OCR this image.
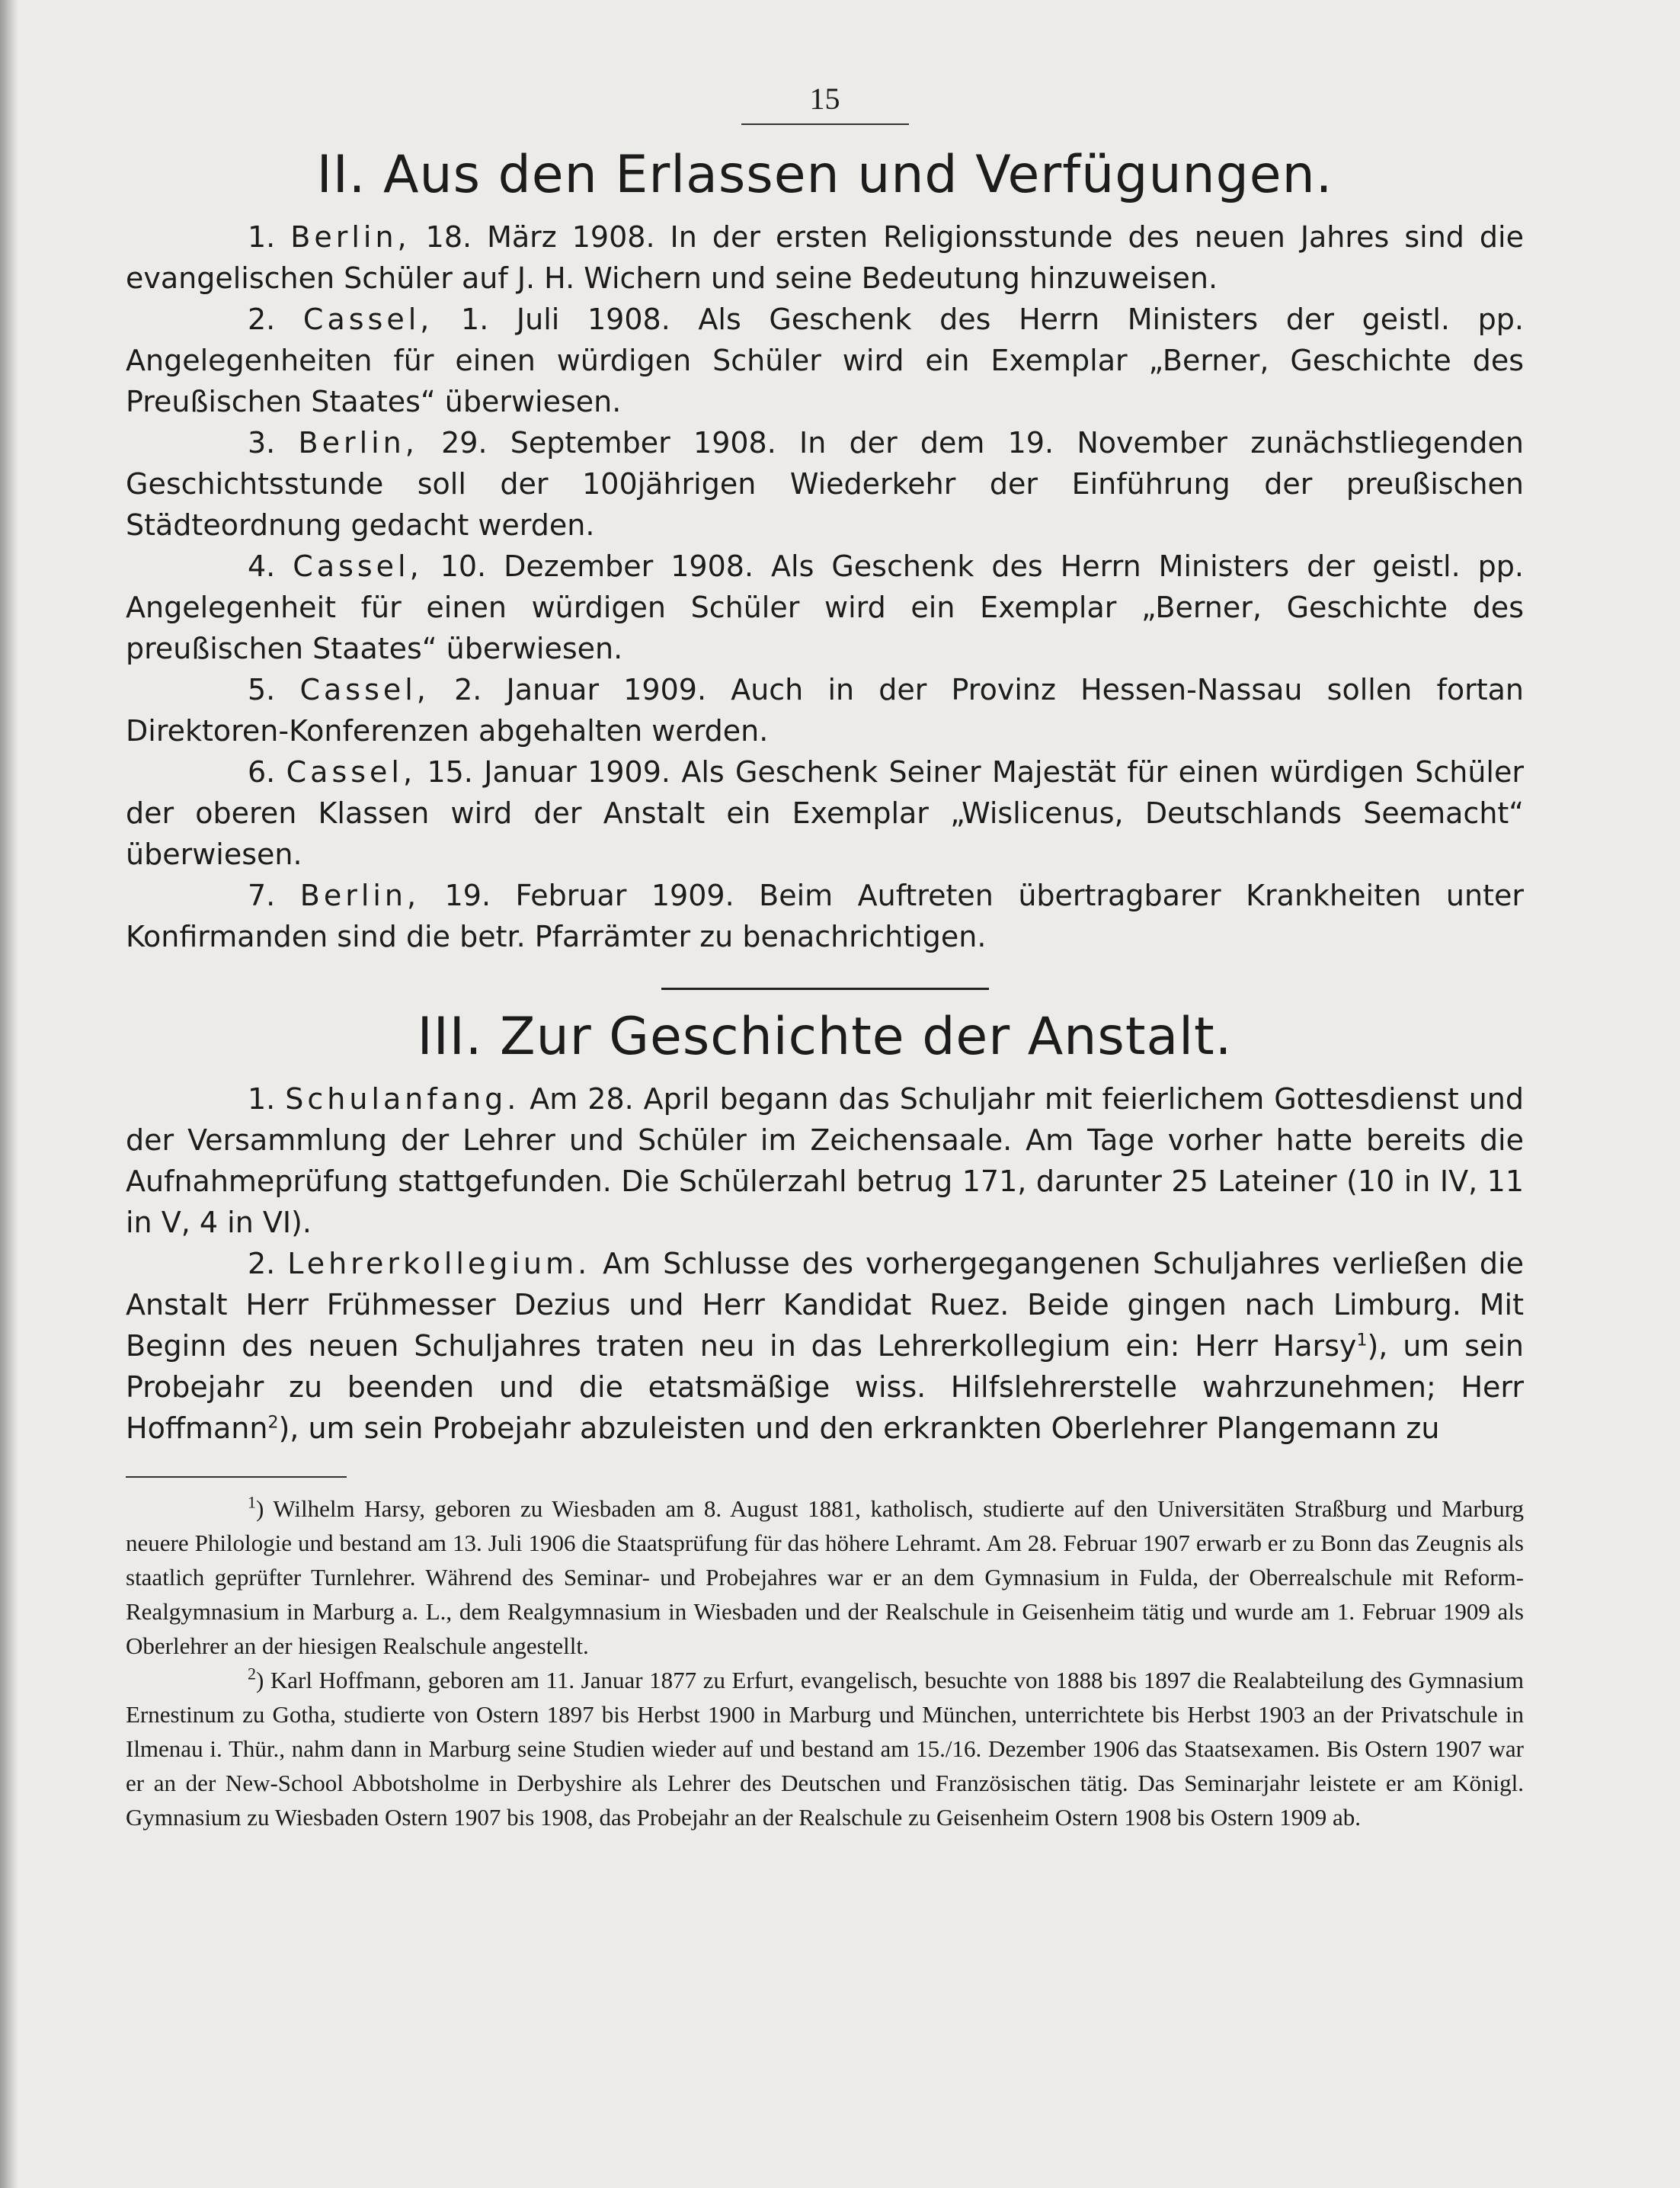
15
II. Aus den Erlassen und Verfügungen.

1. Berlin, 18. März 1908. In der ersten Religionsstunde des neuen Jahres sind die evangelischen Schüler auf J. H. Wichern und seine Bedeutung hinzuweisen.

2. Cassel, 1. Juli 1908. Als Geschenk des Herrn Ministers der geistl. pp. Angelegenheiten für einen würdigen Schüler wird ein Exemplar „Berner, Geschichte des Preußischen Staates“ überwiesen.

3. Berlin, 29. September 1908. In der dem 19. November zunächstliegenden Geschichtsstunde soll der 100jährigen Wiederkehr der Einführung der preußischen Städteordnung gedacht werden.

4. Cassel, 10. Dezember 1908. Als Geschenk des Herrn Ministers der geistl. pp. Angelegenheit für einen würdigen Schüler wird ein Exemplar „Berner, Geschichte des preußischen Staates“ überwiesen.

5. Cassel, 2. Januar 1909. Auch in der Provinz Hessen-Nassau sollen fortan Direktoren-Konferenzen abgehalten werden.

6. Cassel, 15. Januar 1909. Als Geschenk Seiner Majestät für einen würdigen Schüler der oberen Klassen wird der Anstalt ein Exemplar „Wislicenus, Deutschlands Seemacht“ überwiesen.

7. Berlin, 19. Februar 1909. Beim Auftreten übertragbarer Krankheiten unter Konfirmanden sind die betr. Pfarrämter zu benachrichtigen.

III. Zur Geschichte der Anstalt.

1. Schulanfang. Am 28. April begann das Schuljahr mit feierlichem Gottesdienst und der Versammlung der Lehrer und Schüler im Zeichensaale. Am Tage vorher hatte bereits die Aufnahmeprüfung stattgefunden. Die Schülerzahl betrug 171, darunter 25 Lateiner (10 in IV, 11 in V, 4 in VI).

2. Lehrerkollegium. Am Schlusse des vorhergegangenen Schuljahres verließen die Anstalt Herr Frühmesser Dezius und Herr Kandidat Ruez. Beide gingen nach Limburg. Mit Beginn des neuen Schuljahres traten neu in das Lehrerkollegium ein: Herr Harsy$^1$), um sein Probejahr zu beenden und die etatsmäßige wiss. Hilfslehrerstelle wahrzunehmen; Herr Hoffmann$^2$), um sein Probejahr abzuleisten und den erkrankten Oberlehrer Plangemann zu

$^1$) Wilhelm Harsy, geboren zu Wiesbaden am 8. August 1881, katholisch, studierte auf den Universitäten Straßburg und Marburg neuere Philologie und bestand am 13. Juli 1906 die Staatsprüfung für das höhere Lehramt. Am 28. Februar 1907 erwarb er zu Bonn das Zeugnis als staatlich geprüfter Turnlehrer. Während des Seminar- und Probejahres war er an dem Gymnasium in Fulda, der Oberrealschule mit Reform-Realgymnasium in Marburg a. L., dem Realgymnasium in Wiesbaden und der Realschule in Geisenheim tätig und wurde am 1. Februar 1909 als Oberlehrer an der hiesigen Realschule angestellt.

$^2$) Karl Hoffmann, geboren am 11. Januar 1877 zu Erfurt, evangelisch, besuchte von 1888 bis 1897 die Realabteilung des Gymnasium Ernestinum zu Gotha, studierte von Ostern 1897 bis Herbst 1900 in Marburg und München, unterrichtete bis Herbst 1903 an der Privatschule in Ilmenau i. Thür., nahm dann in Marburg seine Studien wieder auf und bestand am 15./16. Dezember 1906 das Staatsexamen. Bis Ostern 1907 war er an der New-School Abbotsholme in Derbyshire als Lehrer des Deutschen und Französischen tätig. Das Seminarjahr leistete er am Königl. Gymnasium zu Wiesbaden Ostern 1907 bis 1908, das Probejahr an der Realschule zu Geisenheim Ostern 1908 bis Ostern 1909 ab.
